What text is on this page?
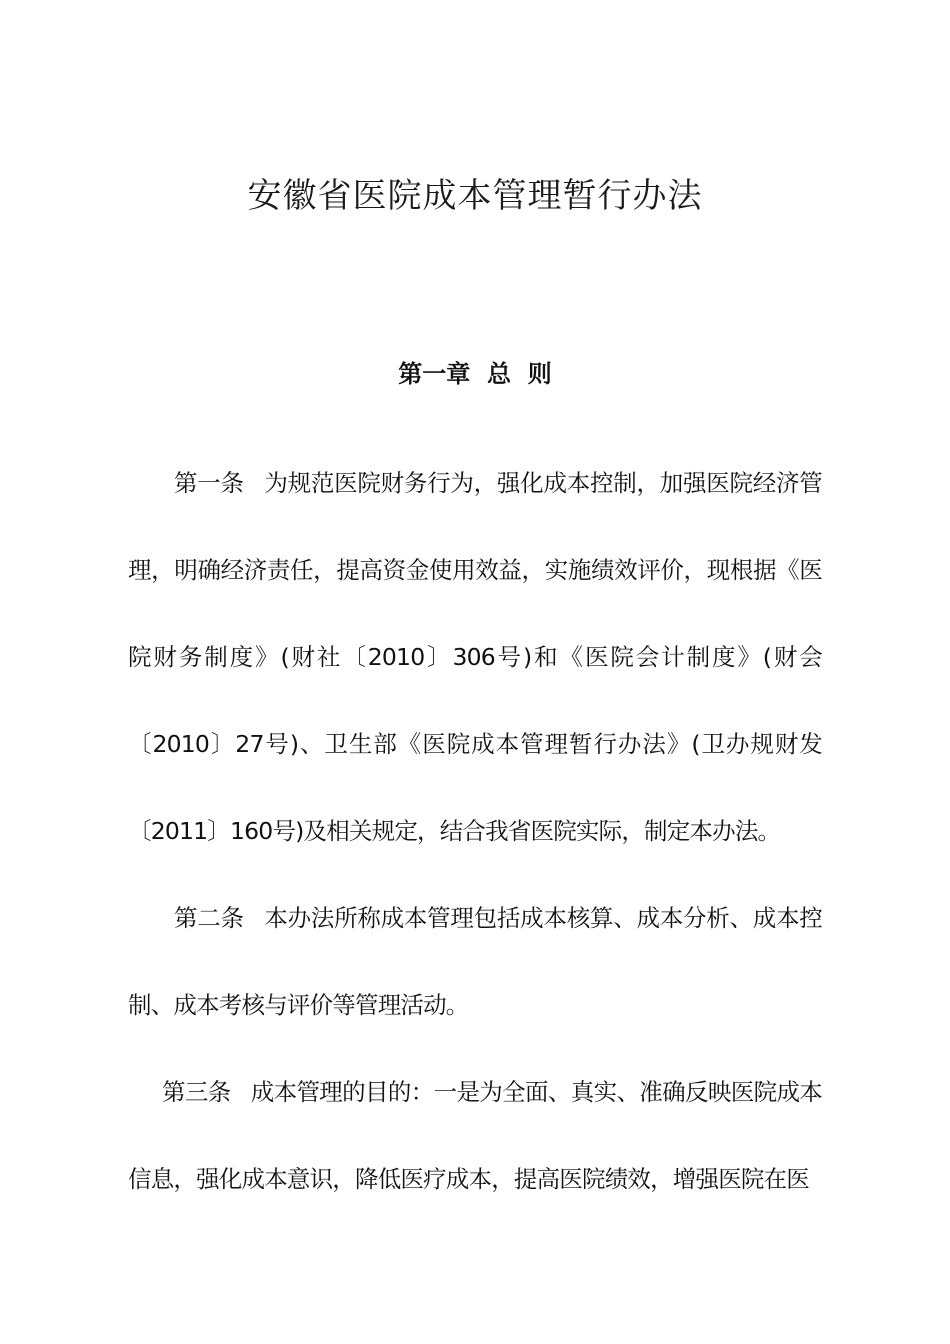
安徽省医院成本管理暂行办法
第一章  总  则

第一条 为规范医院财务行为，强化成本控制，加强医院经济管理，明确经济责任，提高资金使用效益，实施绩效评价，现根据《医院财务制度》(财社〔2010〕306号)和《医院会计制度》(财会〔2010〕27号)、卫生部《医院成本管理暂行办法》(卫办规财发〔2011〕160号)及相关规定，结合我省医院实际，制定本办法。

第二条 本办法所称成本管理包括成本核算、成本分析、成本控制、成本考核与评价等管理活动。

第三条 成本管理的目的：一是为全面、真实、准确反映医院成本信息，强化成本意识，降低医疗成本，提高医院绩效，增强医院在医
